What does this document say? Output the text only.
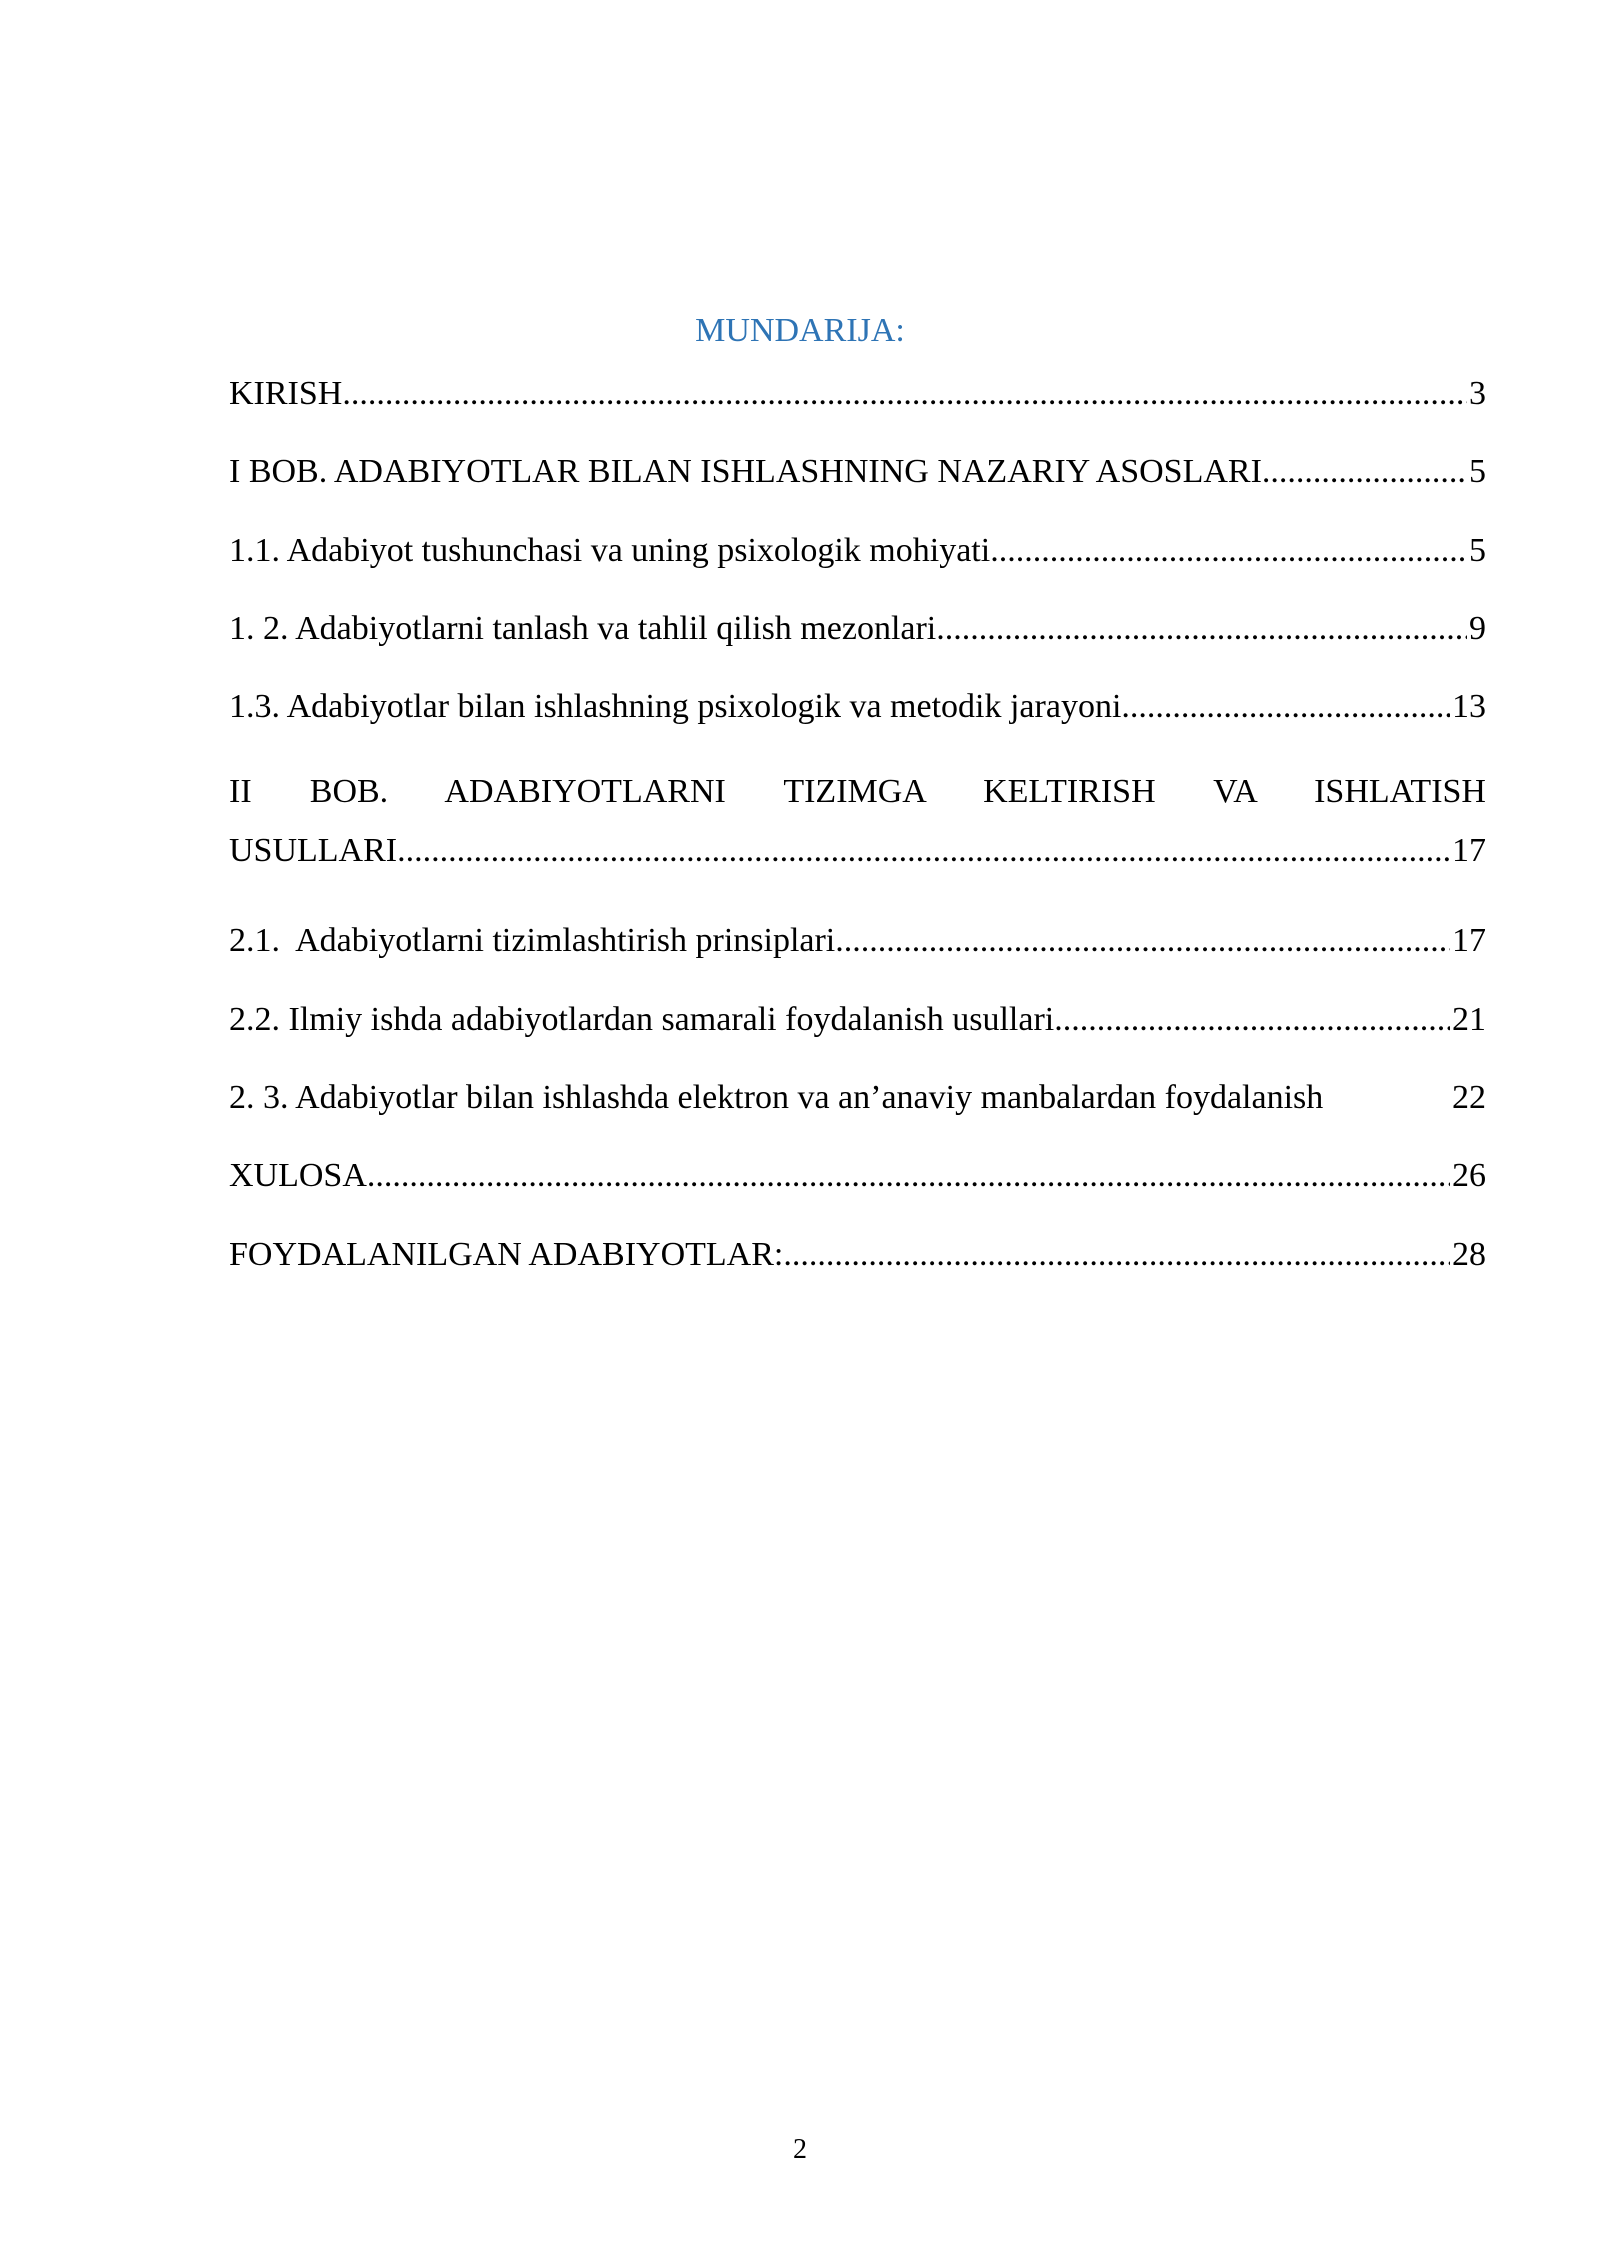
MUNDARIJA:
KIRISH .....	3
I BOB. ADABIYOTLAR BILAN ISHLASHNING NAZARIY ASOSLARI .....	5
1.1. Adabiyot tushunchasi va uning psixologik mohiyati .....	5
1. 2. Adabiyotlarni tanlash va tahlil qilish mezonlari .....	9
1.3. Adabiyotlar bilan ishlashning psixologik va metodik jarayoni .....	13
II BOB. ADABIYOTLARNI TIZIMGA KELTIRISH VA ISHLATISH
USULLARI .....	17
2.1.  Adabiyotlarni tizimlashtirish prinsiplari .....	17
2.2. Ilmiy ishda adabiyotlardan samarali foydalanish usullari .....	21
2. 3. Adabiyotlar bilan ishlashda elektron va an’anaviy manbalardan foydalanish	22
XULOSA .....	26
FOYDALANILGAN ADABIYOTLAR: .....	28
2
